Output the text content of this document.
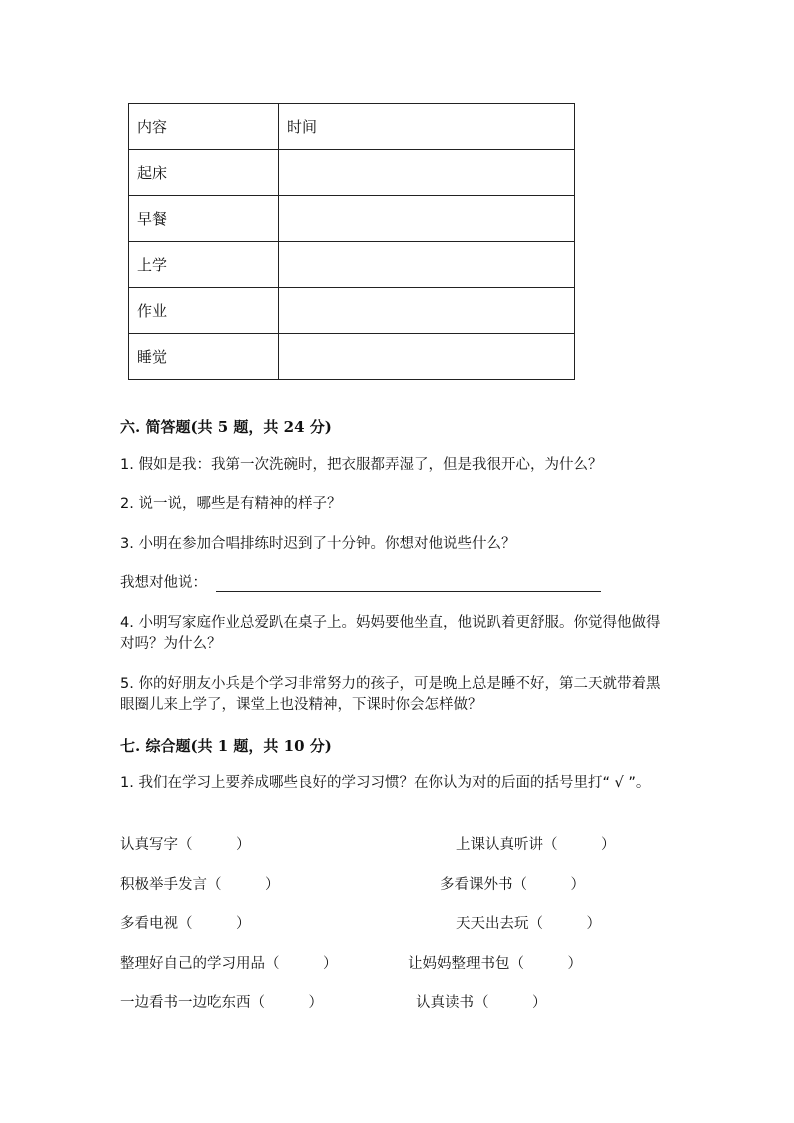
内容	时间
起床	
早餐	
上学	
作业	
睡觉	
六. 简答题(共 5 题，共 24 分)
1. 假如是我：我第一次洗碗时，把衣服都弄湿了，但是我很开心，为什么？
2. 说一说，哪些是有精神的样子？
3. 小明在参加合唱排练时迟到了十分钟。你想对他说些什么？
我想对他说：
4. 小明写家庭作业总爱趴在桌子上。妈妈要他坐直，他说趴着更舒服。你觉得他做得对吗？为什么？
5. 你的好朋友小兵是个学习非常努力的孩子，可是晚上总是睡不好，第二天就带着黑眼圈儿来上学了，课堂上也没精神，下课时你会怎样做？
七. 综合题(共 1 题，共 10 分)
1. 我们在学习上要养成哪些良好的学习习惯？在你认为对的后面的括号里打“ √ ”。
认真写字（　　　）	上课认真听讲（　　　）
积极举手发言（　　　）	多看课外书（　　　）
多看电视（　　　）	天天出去玩（　　　）
整理好自己的学习用品（　　　）	让妈妈整理书包（　　　）
一边看书一边吃东西（　　　）	认真读书（　　　）
